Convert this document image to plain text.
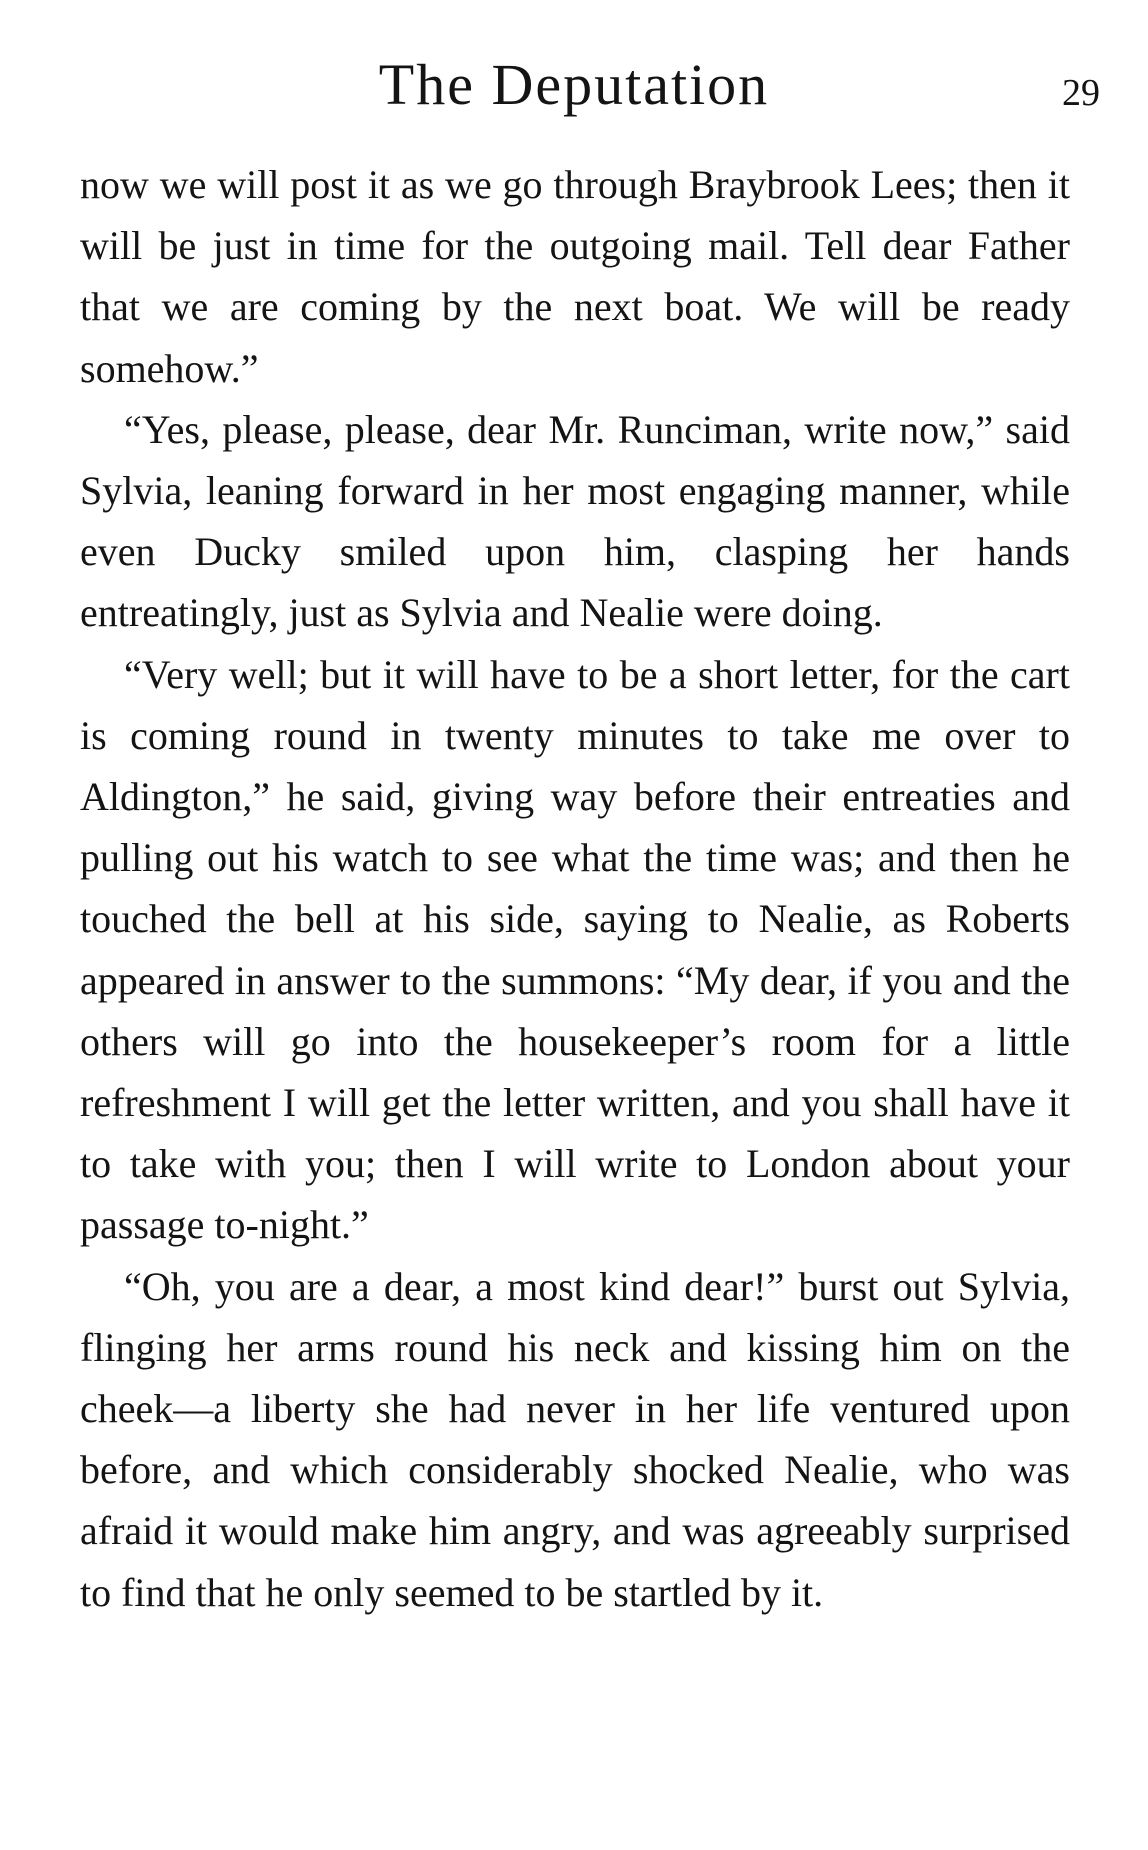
The Deputation	29

now we will post it as we go through Braybrook Lees; then it will be just in time for the outgoing mail. Tell dear Father that we are coming by the next boat. We will be ready somehow.”

“Yes, please, please, dear Mr. Runciman, write now,” said Sylvia, leaning forward in her most engaging manner, while even Ducky smiled upon him, clasping her hands entreatingly, just as Sylvia and Nealie were doing.

“Very well; but it will have to be a short letter, for the cart is coming round in twenty minutes to take me over to Aldington,” he said, giving way before their entreaties and pulling out his watch to see what the time was; and then he touched the bell at his side, saying to Nealie, as Roberts appeared in answer to the summons: “My dear, if you and the others will go into the housekeeper’s room for a little refreshment I will get the letter written, and you shall have it to take with you; then I will write to London about your passage to-night.”

“Oh, you are a dear, a most kind dear!” burst out Sylvia, flinging her arms round his neck and kissing him on the cheek—a liberty she had never in her life ventured upon before, and which considerably shocked Nealie, who was afraid it would make him angry, and was agreeably surprised to find that he only seemed to be startled by it.
